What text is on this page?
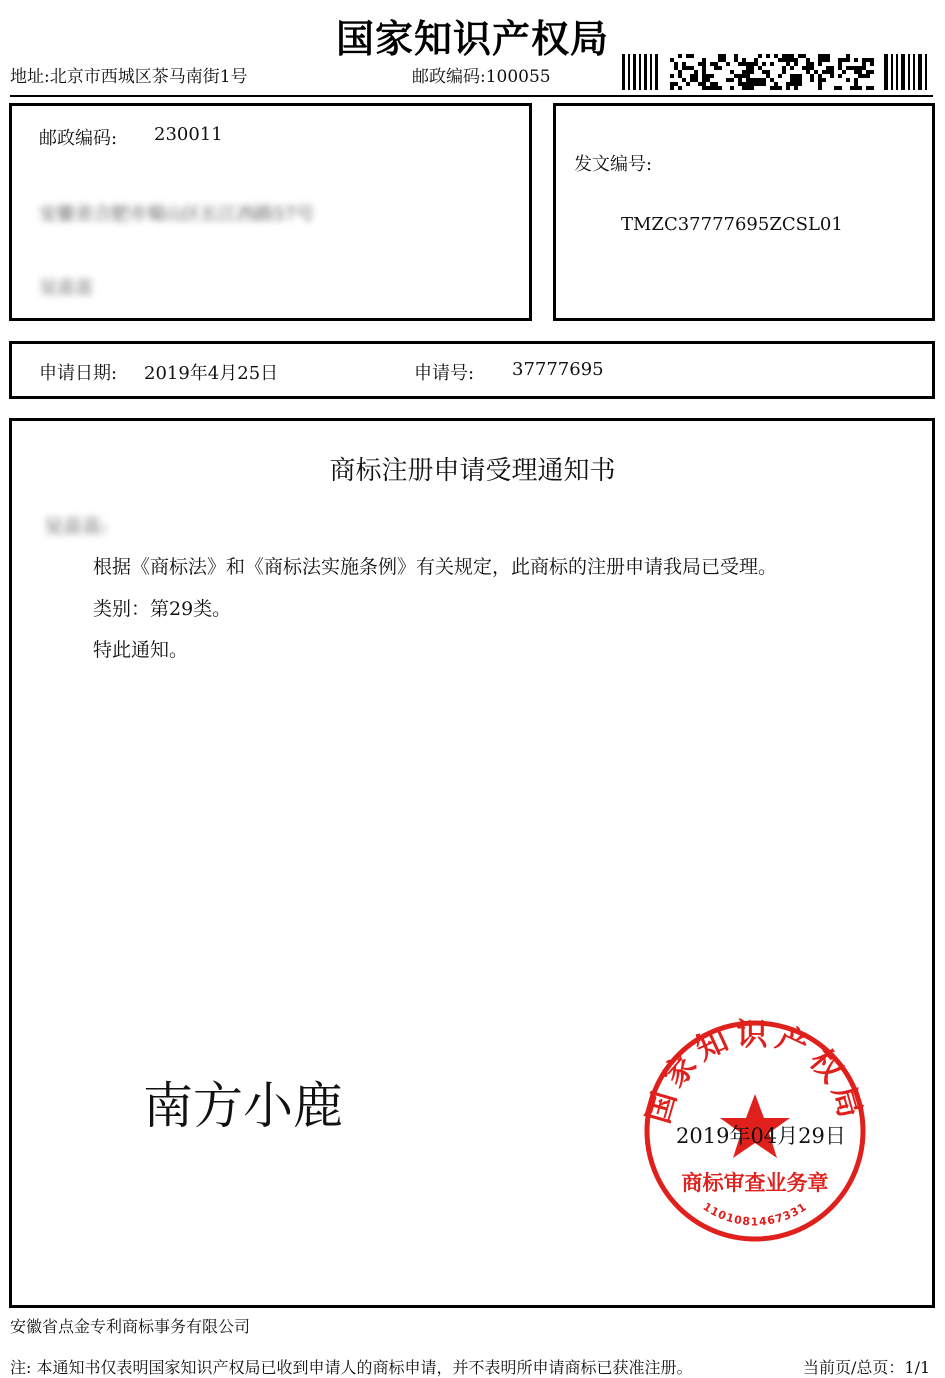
国家知识产权局
地址:北京市西城区茶马南街1号	邮政编码:100055
邮政编码: 230011
安徽省合肥市蜀山区长江西路57号
吴苗苗
发文编号:
TMZC37777695ZCSL01
申请日期: 2019年4月25日	申请号: 37777695
商标注册申请受理通知书
吴苗苗:
根据《商标法》和《商标法实施条例》有关规定，此商标的注册申请我局已受理。
类别：第29类。
特此通知。
南方小鹿	国家知识产权局
商标审查业务章
1101081467331
2019年04月29日
安徽省点金专利商标事务有限公司
注: 本通知书仅表明国家知识产权局已收到申请人的商标申请，并不表明所申请商标已获准注册。	当前页/总页：1/1
